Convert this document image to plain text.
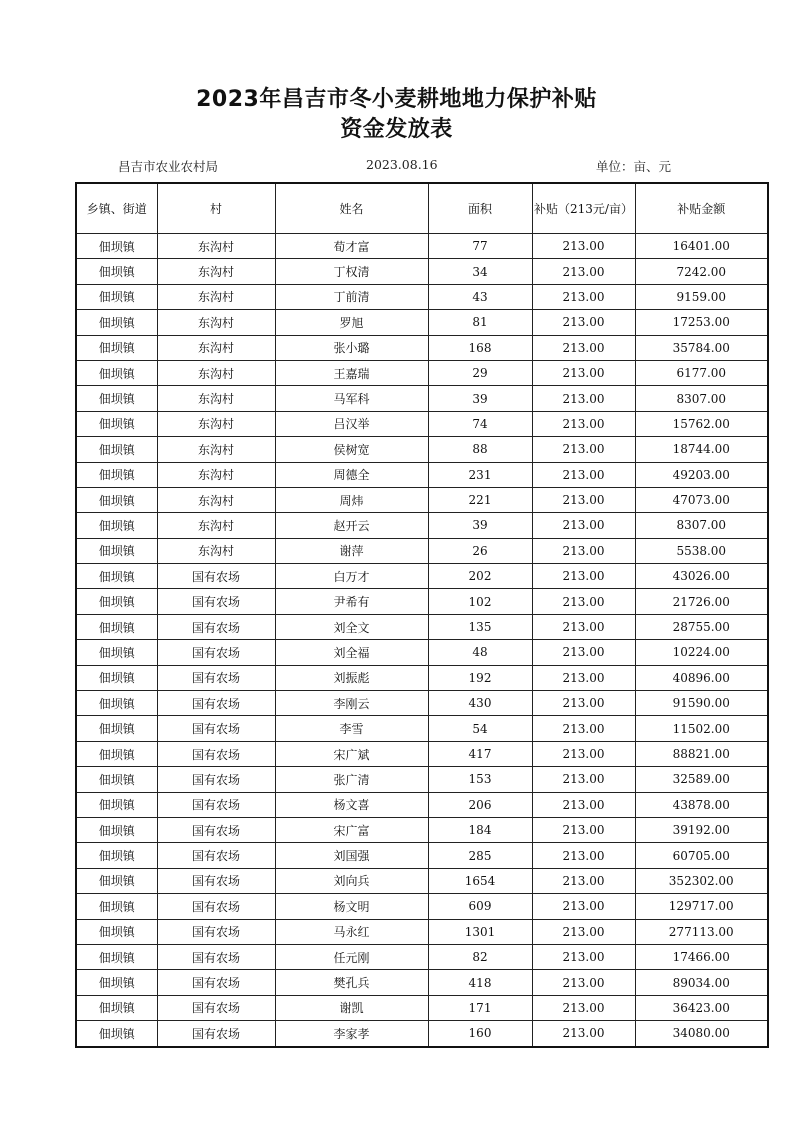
2023年昌吉市冬小麦耕地地力保护补贴
资金发放表
昌吉市农业农村局	2023.08.16	单位：亩、元
乡镇、街道	村	姓名	面积	补贴（213元/亩）	补贴金额
佃坝镇	东沟村	荀才富	77	213.00	16401.00
佃坝镇	东沟村	丁权清	34	213.00	7242.00
佃坝镇	东沟村	丁前清	43	213.00	9159.00
佃坝镇	东沟村	罗旭	81	213.00	17253.00
佃坝镇	东沟村	张小璐	168	213.00	35784.00
佃坝镇	东沟村	王嘉瑞	29	213.00	6177.00
佃坝镇	东沟村	马军科	39	213.00	8307.00
佃坝镇	东沟村	吕汉举	74	213.00	15762.00
佃坝镇	东沟村	侯树宽	88	213.00	18744.00
佃坝镇	东沟村	周德全	231	213.00	49203.00
佃坝镇	东沟村	周炜	221	213.00	47073.00
佃坝镇	东沟村	赵开云	39	213.00	8307.00
佃坝镇	东沟村	谢萍	26	213.00	5538.00
佃坝镇	国有农场	白万才	202	213.00	43026.00
佃坝镇	国有农场	尹希有	102	213.00	21726.00
佃坝镇	国有农场	刘全文	135	213.00	28755.00
佃坝镇	国有农场	刘全福	48	213.00	10224.00
佃坝镇	国有农场	刘振彪	192	213.00	40896.00
佃坝镇	国有农场	李刚云	430	213.00	91590.00
佃坝镇	国有农场	李雪	54	213.00	11502.00
佃坝镇	国有农场	宋广斌	417	213.00	88821.00
佃坝镇	国有农场	张广清	153	213.00	32589.00
佃坝镇	国有农场	杨文喜	206	213.00	43878.00
佃坝镇	国有农场	宋广富	184	213.00	39192.00
佃坝镇	国有农场	刘国强	285	213.00	60705.00
佃坝镇	国有农场	刘向兵	1654	213.00	352302.00
佃坝镇	国有农场	杨文明	609	213.00	129717.00
佃坝镇	国有农场	马永红	1301	213.00	277113.00
佃坝镇	国有农场	任元刚	82	213.00	17466.00
佃坝镇	国有农场	樊孔兵	418	213.00	89034.00
佃坝镇	国有农场	谢凯	171	213.00	36423.00
佃坝镇	国有农场	李家孝	160	213.00	34080.00
